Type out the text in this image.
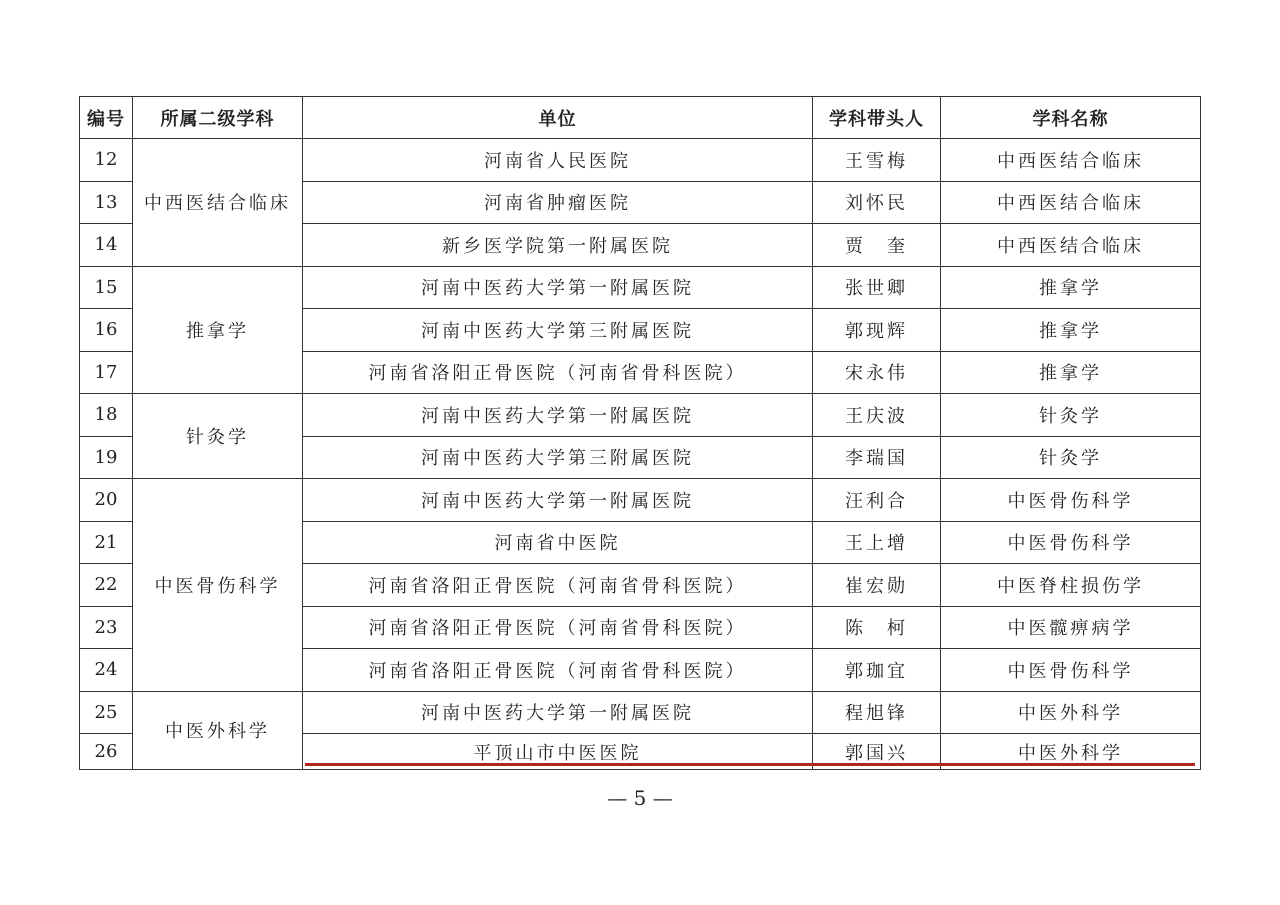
编号	所属二级学科	单位	学科带头人	学科名称
12	中西医结合临床	河南省人民医院	王雪梅	中西医结合临床
13		河南省肿瘤医院	刘怀民	中西医结合临床
14		新乡医学院第一附属医院	贾　奎	中西医结合临床
15	推拿学	河南中医药大学第一附属医院	张世卿	推拿学
16		河南中医药大学第三附属医院	郭现辉	推拿学
17		河南省洛阳正骨医院（河南省骨科医院）	宋永伟	推拿学
18	针灸学	河南中医药大学第一附属医院	王庆波	针灸学
19		河南中医药大学第三附属医院	李瑞国	针灸学
20	中医骨伤科学	河南中医药大学第一附属医院	汪利合	中医骨伤科学
21		河南省中医院	王上增	中医骨伤科学
22		河南省洛阳正骨医院（河南省骨科医院）	崔宏勋	中医脊柱损伤学
23		河南省洛阳正骨医院（河南省骨科医院）	陈　柯	中医髋痹病学
24		河南省洛阳正骨医院（河南省骨科医院）	郭珈宜	中医骨伤科学
25	中医外科学	河南中医药大学第一附属医院	程旭锋	中医外科学
26		平顶山市中医医院	郭国兴	中医外科学
— 5 —
